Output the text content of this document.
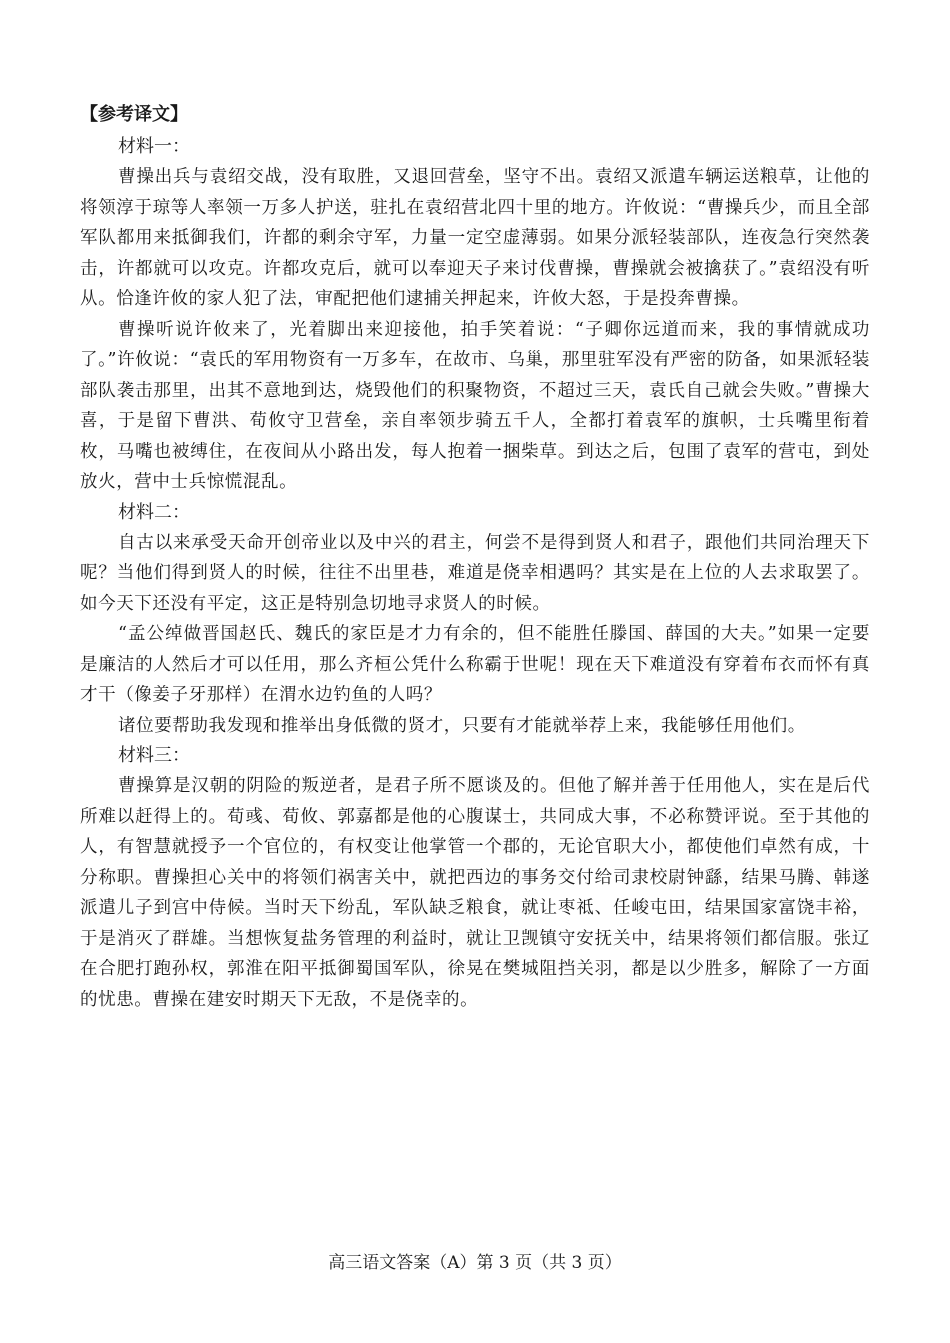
【参考译文】

材料一：

曹操出兵与袁绍交战，没有取胜，又退回营垒，坚守不出。袁绍又派遣车辆运送粮草，让他的将领淳于琼等人率领一万多人护送，驻扎在袁绍营北四十里的地方。许攸说：“曹操兵少，而且全部军队都用来抵御我们，许都的剩余守军，力量一定空虚薄弱。如果分派轻装部队，连夜急行突然袭击，许都就可以攻克。许都攻克后，就可以奉迎天子来讨伐曹操，曹操就会被擒获了。”袁绍没有听从。恰逢许攸的家人犯了法，审配把他们逮捕关押起来，许攸大怒，于是投奔曹操。

曹操听说许攸来了，光着脚出来迎接他，拍手笑着说：“子卿你远道而来，我的事情就成功了。”许攸说：“袁氏的军用物资有一万多车，在故市、乌巢，那里驻军没有严密的防备，如果派轻装部队袭击那里，出其不意地到达，烧毁他们的积聚物资，不超过三天，袁氏自己就会失败。”曹操大喜，于是留下曹洪、荀攸守卫营垒，亲自率领步骑五千人，全都打着袁军的旗帜，士兵嘴里衔着枚，马嘴也被缚住，在夜间从小路出发，每人抱着一捆柴草。到达之后，包围了袁军的营屯，到处放火，营中士兵惊慌混乱。

材料二：

自古以来承受天命开创帝业以及中兴的君主，何尝不是得到贤人和君子，跟他们共同治理天下呢？当他们得到贤人的时候，往往不出里巷，难道是侥幸相遇吗？其实是在上位的人去求取罢了。如今天下还没有平定，这正是特别急切地寻求贤人的时候。

“孟公绰做晋国赵氏、魏氏的家臣是才力有余的，但不能胜任滕国、薛国的大夫。”如果一定要是廉洁的人然后才可以任用，那么齐桓公凭什么称霸于世呢！现在天下难道没有穿着布衣而怀有真才干（像姜子牙那样）在渭水边钓鱼的人吗？

诸位要帮助我发现和推举出身低微的贤才，只要有才能就举荐上来，我能够任用他们。

材料三：

曹操算是汉朝的阴险的叛逆者，是君子所不愿谈及的。但他了解并善于任用他人，实在是后代所难以赶得上的。荀彧、荀攸、郭嘉都是他的心腹谋士，共同成大事，不必称赞评说。至于其他的人，有智慧就授予一个官位的，有权变让他掌管一个郡的，无论官职大小，都使他们卓然有成，十分称职。曹操担心关中的将领们祸害关中，就把西边的事务交付给司隶校尉钟繇，结果马腾、韩遂派遣儿子到宫中侍候。当时天下纷乱，军队缺乏粮食，就让枣祗、任峻屯田，结果国家富饶丰裕，于是消灭了群雄。当想恢复盐务管理的利益时，就让卫觊镇守安抚关中，结果将领们都信服。张辽在合肥打跑孙权，郭淮在阳平抵御蜀国军队，徐晃在樊城阻挡关羽，都是以少胜多，解除了一方面的忧患。曹操在建安时期天下无敌，不是侥幸的。

高三语文答案（A）第 3 页（共 3 页）
